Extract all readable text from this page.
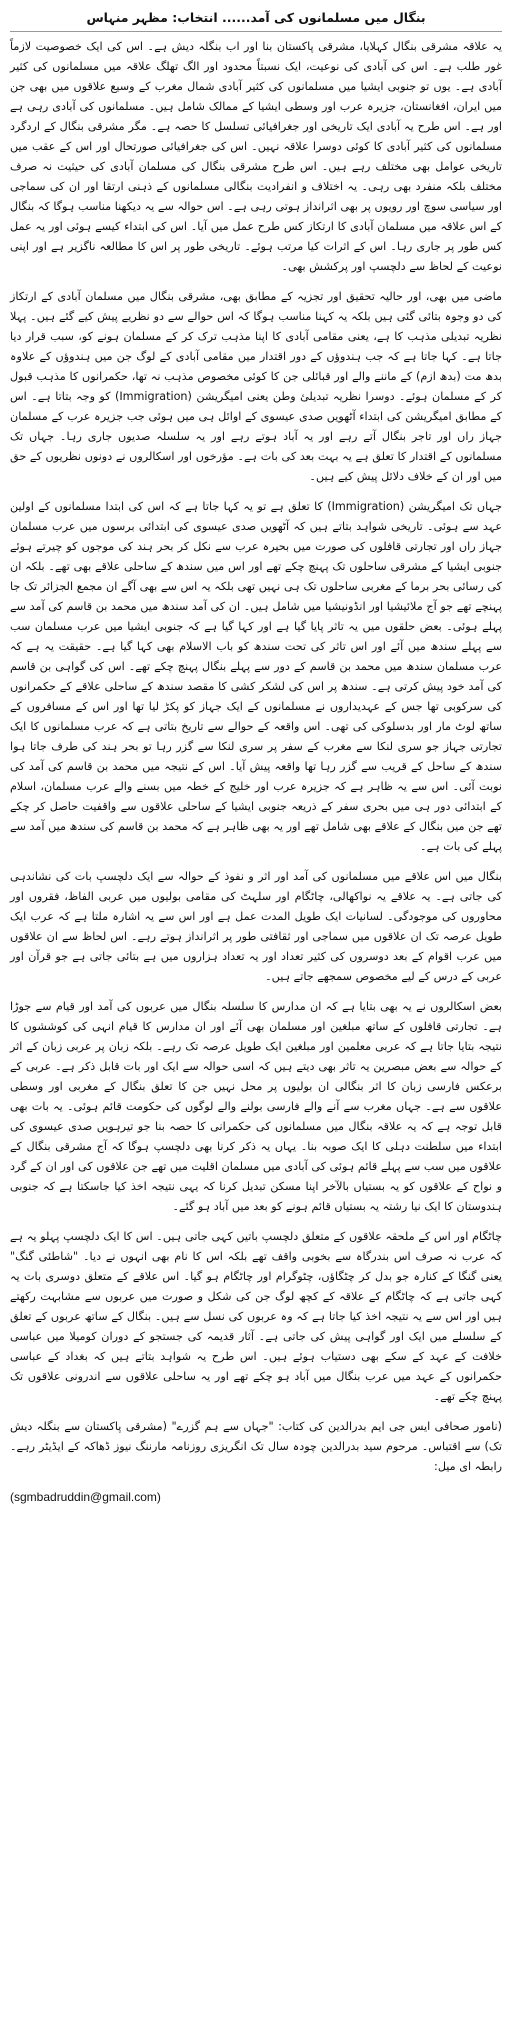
بنگال میں مسلمانوں کی آمد...... انتخاب: مظہر منہاس

یہ علاقہ مشرقی بنگال کہلایا، مشرقی پاکستان بنا اور اب بنگلہ دیش ہے۔ اس کی ایک خصوصیت لازماً غور طلب ہے۔ اس کی آبادی کی نوعیت، ایک نسبتاً محدود اور الگ تھلگ علاقہ میں مسلمانوں کی کثیر آبادی ہے۔ یوں تو جنوبی ایشیا میں مسلمانوں کی کثیر آبادی شمال مغرب کے وسیع علاقوں میں بھی جن میں ایران، افغانستان، جزیرہ عرب اور وسطی ایشیا کے ممالک شامل ہیں۔ مسلمانوں کی آبادی رہی ہے اور ہے۔ اس طرح یہ آبادی ایک تاریخی اور جغرافیائی تسلسل کا حصہ ہے۔ مگر مشرقی بنگال کے اردگرد مسلمانوں کی کثیر آبادی کا کوئی دوسرا علاقہ نہیں۔ اس کی جغرافیائی صورتحال اور اس کے عقب میں تاریخی عوامل بھی مختلف رہے ہیں۔ اس طرح مشرقی بنگال کی مسلمان آبادی کی حیثیت نہ صرف مختلف بلکہ منفرد بھی رہی۔ یہ اختلاف و انفرادیت بنگالی مسلمانوں کے ذہنی ارتقا اور ان کی سماجی اور سیاسی سوچ اور رویوں پر بھی اثرانداز ہوتی رہی ہے۔ اس حوالہ سے یہ دیکھنا مناسب ہوگا کہ بنگال کے اس علاقہ میں مسلمان آبادی کا ارتکاز کس طرح عمل میں آیا۔ اس کی ابتداء کیسے ہوئی اور یہ عمل کس طور پر جاری رہا۔ اس کے اثرات کیا مرتب ہوئے۔ تاریخی طور پر اس کا مطالعہ ناگزیر ہے اور اپنی نوعیت کے لحاظ سے دلچسپ اور پرکشش بھی۔

ماضی میں بھی، اور حالیہ تحقیق اور تجزیہ کے مطابق بھی، مشرقی بنگال میں مسلمان آبادی کے ارتکاز کی دو وجوہ بتائی گئی ہیں بلکہ یہ کہنا مناسب ہوگا کہ اس حوالے سے دو نظریے پیش کیے گئے ہیں۔ پہلا نظریہ تبدیلی مذہب کا ہے، یعنی مقامی آبادی کا اپنا مذہب ترک کر کے مسلمان ہونے کو، سبب قرار دیا جاتا ہے۔ کہا جاتا ہے کہ جب ہندوؤں کے دور اقتدار میں مقامی آبادی کے لوگ جن میں ہندوؤں کے علاوہ بدھ مت (بدھ ازم) کے ماننے والے اور قبائلی جن کا کوئی مخصوص مذہب نہ تھا، حکمرانوں کا مذہب قبول کر کے مسلمان ہوئے۔ دوسرا نظریہ تبدیلیٔ وطن یعنی امیگریشن (Immigration) کو وجہ بتاتا ہے۔ اس کے مطابق امیگریشن کی ابتداء آٹھویں صدی عیسوی کے اوائل ہی میں ہوئی جب جزیرہ عرب کے مسلمان جہاز راں اور تاجر بنگال آتے رہے اور یہ آباد ہوتے رہے اور یہ سلسلہ صدیوں جاری رہا۔ جہاں تک مسلمانوں کے اقتدار کا تعلق ہے یہ بہت بعد کی بات ہے۔ مؤرخوں اور اسکالروں نے دونوں نظریوں کے حق میں اور ان کے خلاف دلائل پیش کیے ہیں۔

جہاں تک امیگریشن (Immigration) کا تعلق ہے تو یہ کہا جاتا ہے کہ اس کی ابتدا مسلمانوں کے اولین عہد سے ہوئی۔ تاریخی شواہد بتاتے ہیں کہ آٹھویں صدی عیسوی کی ابتدائی برسوں میں عرب مسلمان جہاز راں اور تجارتی قافلوں کی صورت میں بحیرہ عرب سے نکل کر بحر ہند کی موجوں کو چیرتے ہوئے جنوبی ایشیا کے مشرقی ساحلوں تک پہنچ چکے تھے اور اس میں سندھ کے ساحلی علاقے بھی تھے۔ بلکہ ان کی رسائی بحر برما کے مغربی ساحلوں تک ہی نہیں تھی بلکہ یہ اس سے بھی آگے ان مجمع الجزائر تک جا پہنچے تھے جو آج ملائیشیا اور انڈونیشیا میں شامل ہیں۔ ان کی آمد سندھ میں محمد بن قاسم کی آمد سے پہلے ہوئی۔ بعض حلقوں میں یہ تاثر پایا گیا ہے اور کہا گیا ہے کہ جنوبی ایشیا میں عرب مسلمان سب سے پہلے سندھ میں آئے اور اس تاثر کی تحت سندھ کو باب الاسلام بھی کہا گیا ہے۔ حقیقت یہ ہے کہ عرب مسلمان سندھ میں محمد بن قاسم کے دور سے پہلے بنگال پہنچ چکے تھے۔ اس کی گواہی بن قاسم کی آمد خود پیش کرتی ہے۔ سندھ پر اس کی لشکر کشی کا مقصد سندھ کے ساحلی علاقے کے حکمرانوں کی سرکوبی تھا جس کے عہدیداروں نے مسلمانوں کے ایک جہاز کو پکڑ لیا تھا اور اس کے مسافروں کے ساتھ لوٹ مار اور بدسلوکی کی تھی۔ اس واقعہ کے حوالے سے تاریخ بتاتی ہے کہ عرب مسلمانوں کا ایک تجارتی جہاز جو سری لنکا سے مغرب کے سفر پر سری لنکا سے گزر رہا تو بحر ہند کی طرف جاتا ہوا سندھ کے ساحل کے قریب سے گزر رہا تھا واقعہ پیش آیا۔ اس کے نتیجہ میں محمد بن قاسم کی آمد کی نوبت آئی۔ اس سے یہ ظاہر ہے کہ جزیرہ عرب اور خلیج کے خطہ میں بسنے والے عرب مسلمان، اسلام کے ابتدائی دور ہی میں بحری سفر کے ذریعہ جنوبی ایشیا کے ساحلی علاقوں سے واقفیت حاصل کر چکے تھے جن میں بنگال کے علاقے بھی شامل تھے اور یہ بھی ظاہر ہے کہ محمد بن قاسم کی سندھ میں آمد سے پہلے کی بات ہے۔

بنگال میں اس علاقے میں مسلمانوں کی آمد اور اثر و نفوذ کے حوالہ سے ایک دلچسپ بات کی نشاندہی کی جاتی ہے۔ یہ علاقے یہ نواکھالی، چاٹگام اور سلہٹ کی مقامی بولیوں میں عربی الفاظ، فقروں اور محاوروں کی موجودگی۔ لسانیات ایک طویل المدت عمل ہے اور اس سے یہ اشارہ ملتا ہے کہ عرب ایک طویل عرصہ تک ان علاقوں میں سماجی اور ثقافتی طور پر اثرانداز ہوتے رہے۔ اس لحاظ سے ان علاقوں میں عرب اقوام کے بعد دوسروں کی کثیر تعداد اور یہ تعداد ہزاروں میں ہے بتائی جاتی ہے جو قرآن اور عربی کے درس کے لیے مخصوص سمجھے جاتے ہیں۔

بعض اسکالروں نے یہ بھی بتایا ہے کہ ان مدارس کا سلسلہ بنگال میں عربوں کی آمد اور قیام سے جوڑا ہے۔ تجارتی قافلوں کے ساتھ مبلغین اور مسلمان بھی آئے اور ان مدارس کا قیام انہی کی کوششوں کا نتیجہ بتایا جاتا ہے کہ عربی معلمین اور مبلغین ایک طویل عرصہ تک رہے۔ بلکہ زبان پر عربی زبان کے اثر کے حوالہ سے بعض مبصرین یہ تاثر بھی دیتے ہیں کہ اسی حوالہ سے ایک اور بات قابل ذکر ہے۔ عربی کے برعکس فارسی زبان کا اثر بنگالی ان بولیوں پر محل نہیں جن کا تعلق بنگال کے مغربی اور وسطی علاقوں سے ہے۔ جہاں مغرب سے آنے والے فارسی بولنے والے لوگوں کی حکومت قائم ہوئی۔ یہ بات بھی قابل توجہ ہے کہ یہ علاقہ بنگال میں مسلمانوں کی حکمرانی کا حصہ بنا جو تیرہویں صدی عیسوی کی ابتداء میں سلطنت دہلی کا ایک صوبہ بنا۔ یہاں یہ ذکر کرنا بھی دلچسپ ہوگا کہ آج مشرقی بنگال کے علاقوں میں سب سے پہلے قائم ہوئی کی آبادی میں مسلمان اقلیت میں تھے جن علاقوں کی اور ان کے گرد و نواح کے علاقوں کو یہ بستیاں بالآخر اپنا مسکن تبدیل کرنا کہ یہی نتیجہ اخذ کیا جاسکتا ہے کہ جنوبی ہندوستان کا ایک نیا رشتہ یہ بستیاں قائم ہونے کو بعد میں آباد ہو گئے۔

چاٹگام اور اس کے ملحقہ علاقوں کے متعلق دلچسپ باتیں کہی جاتی ہیں۔ اس کا ایک دلچسپ پہلو یہ ہے کہ عرب نہ صرف اس بندرگاہ سے بخوبی واقف تھے بلکہ اس کا نام بھی انہوں نے دیا۔ "شاطئی گنگ" یعنی گنگا کے کنارہ جو بدل کر چٹگاؤں، چٹوگرام اور چاٹگام ہو گیا۔ اس علاقے کے متعلق دوسری بات یہ کہی جاتی ہے کہ چاٹگام کے علاقہ کے کچھ لوگ جن کی شکل و صورت میں عربوں سے مشابہت رکھتے ہیں اور اس سے یہ نتیجہ اخذ کیا جاتا ہے کہ وہ عربوں کی نسل سے ہیں۔ بنگال کے ساتھ عربوں کے تعلق کے سلسلے میں ایک اور گواہی پیش کی جاتی ہے۔ آثار قدیمہ کی جستجو کے دوران کومیلا میں عباسی خلافت کے عہد کے سکے بھی دستیاب ہوئے ہیں۔ اس طرح یہ شواہد بتاتے ہیں کہ بغداد کے عباسی حکمرانوں کے عہد میں عرب بنگال میں آباد ہو چکے تھے اور یہ ساحلی علاقوں سے اندرونی علاقوں تک پہنچ چکے تھے۔

(نامور صحافی ایس جی ایم بدرالدین کی کتاب: "جہاں سے ہم گزرے" (مشرقی پاکستان سے بنگلہ دیش تک) سے اقتباس۔ مرحوم سید بدرالدین چودہ سال تک انگریزی روزنامہ مارننگ نیوز ڈھاکہ کے ایڈیٹر رہے۔ رابطہ ای میل:

(sgmbadruddin@gmail.com)
